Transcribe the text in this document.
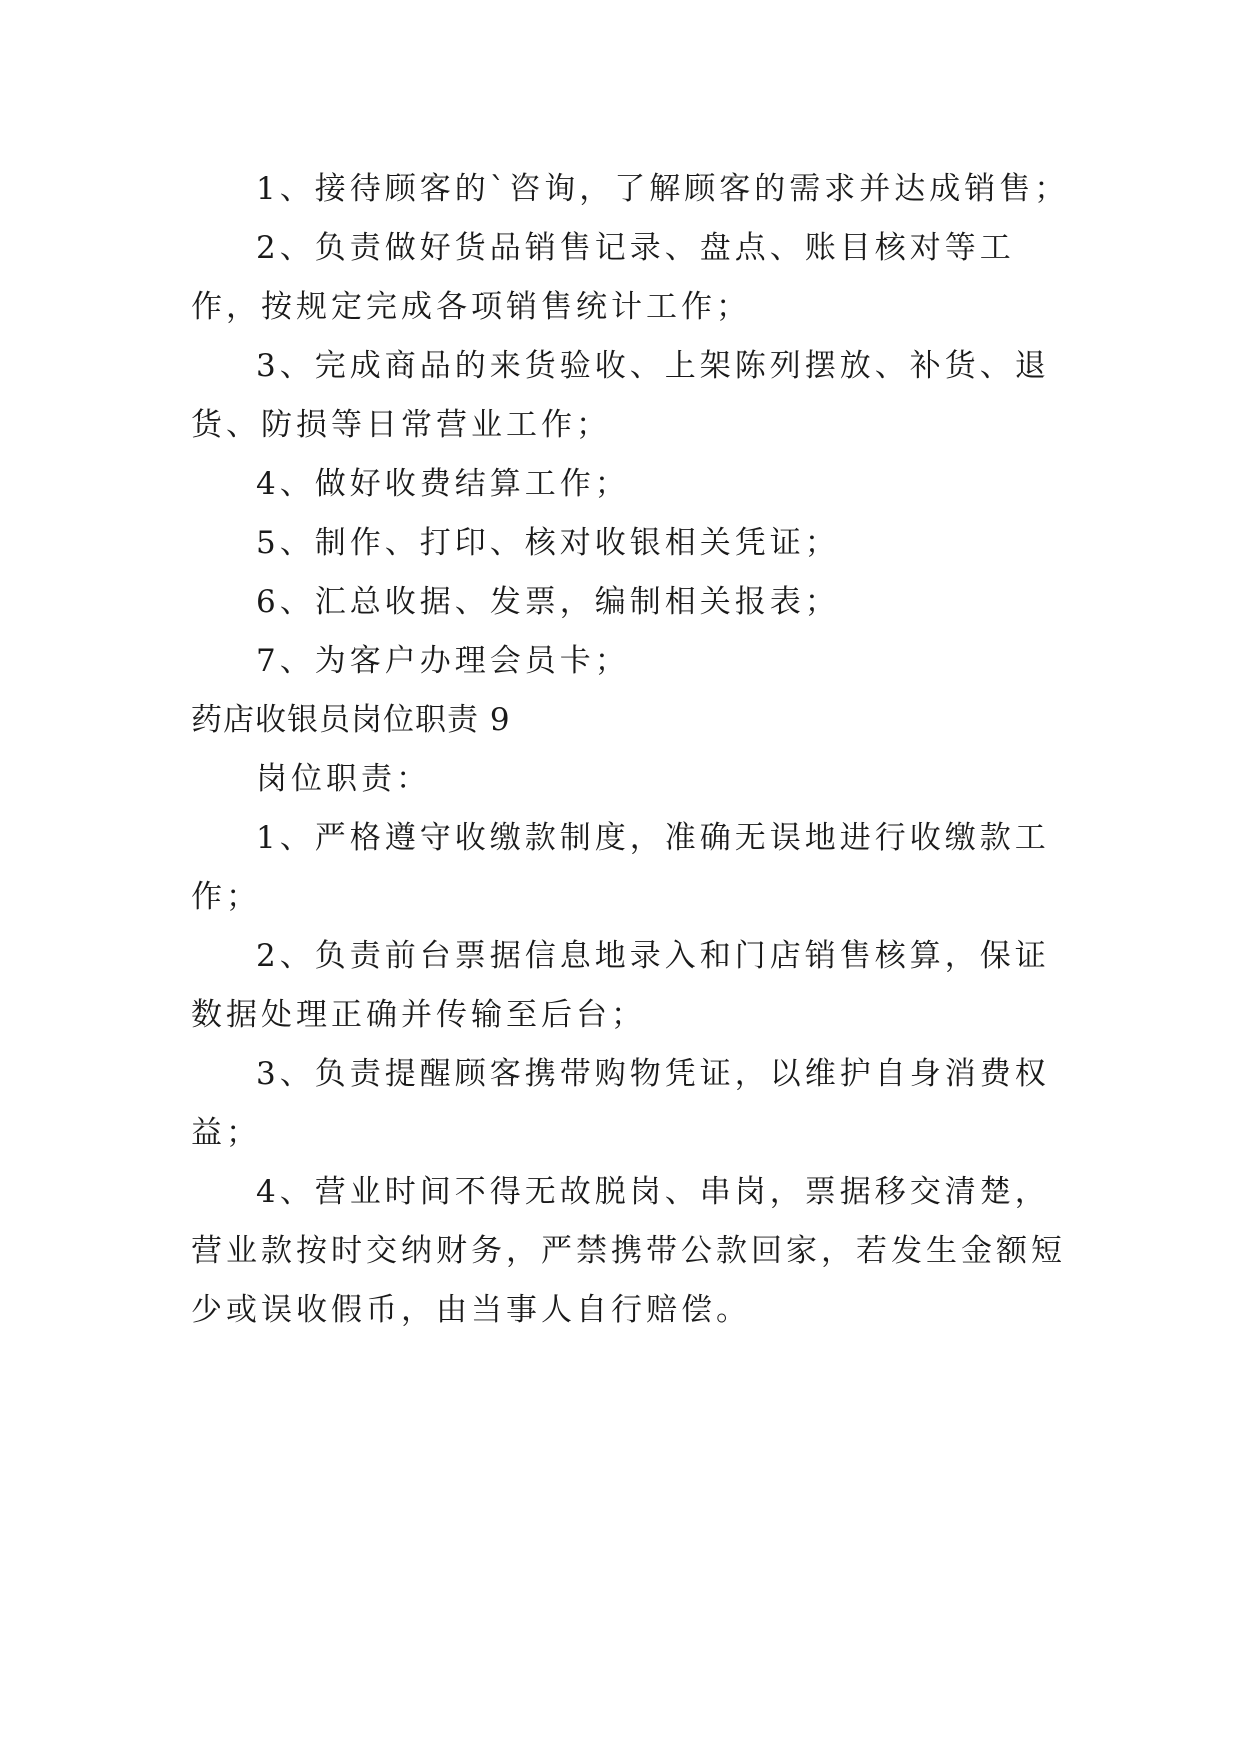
1、接待顾客的`咨询，了解顾客的需求并达成销售；

2、负责做好货品销售记录、盘点、账目核对等工作，按规定完成各项销售统计工作；

3、完成商品的来货验收、上架陈列摆放、补货、退货、防损等日常营业工作；

4、做好收费结算工作；

5、制作、打印、核对收银相关凭证；

6、汇总收据、发票，编制相关报表；

7、为客户办理会员卡；

药店收银员岗位职责 9

岗位职责：

1、严格遵守收缴款制度，准确无误地进行收缴款工作；

2、负责前台票据信息地录入和门店销售核算，保证数据处理正确并传输至后台；

3、负责提醒顾客携带购物凭证，以维护自身消费权益；

4、营业时间不得无故脱岗、串岗，票据移交清楚，营业款按时交纳财务，严禁携带公款回家，若发生金额短少或误收假币，由当事人自行赔偿。
